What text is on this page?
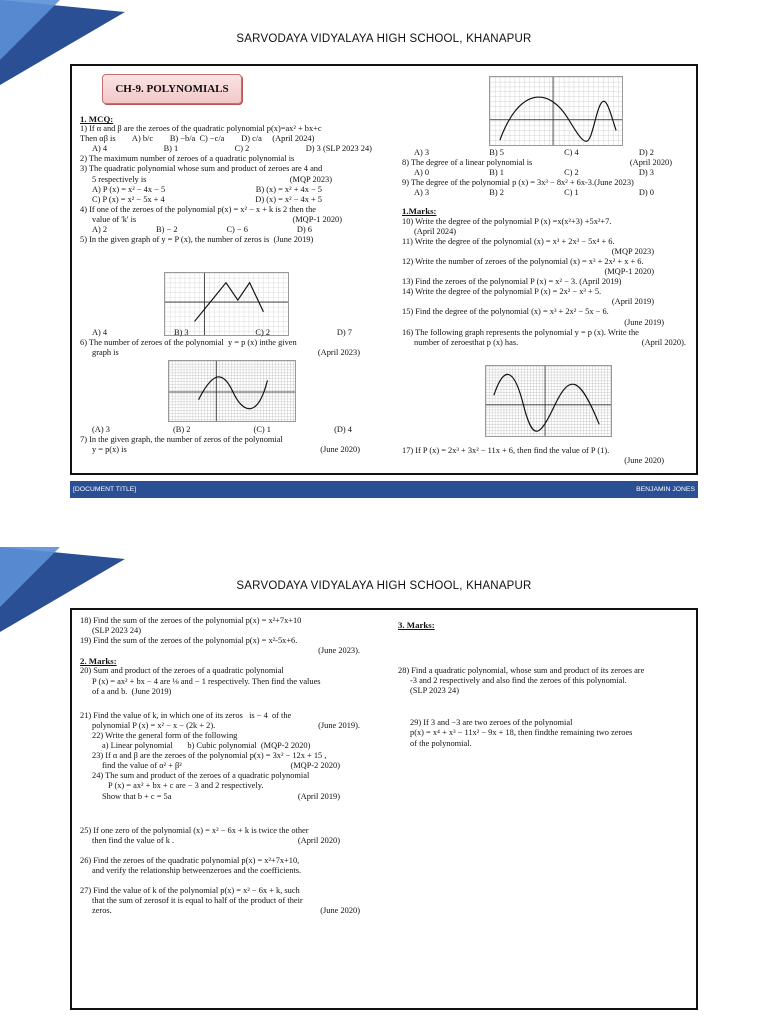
SARVODAYA VIDYALAYA HIGH SCHOOL, KHANAPUR
CH-9. POLYNOMIALS
1. MCQ:
1) If α and β are the zeroes of the quadratic polynomial p(x)=ax² + bx+c
Then αβ is        A) b/c        B) −b/a  C) −c/a        D) c/a     (April 2024)
A) 4	B) 1	C) 2	D) 3 (SLP 2023 24)
2) The maximum number of zeroes of a quadratic polynomial is
3) The quadratic polynomial whose sum and product of zeroes are 4 and
5 respectively is	(MQP 2023)
A) P (x) = x² − 4x − 5	B) (x) = x² + 4x − 5
C) P (x) = x² − 5x + 4	D) (x) = x² − 4x + 5
4) If one of the zeroes of the polynomial p(x) = x² − x + k is 2 then the
value of 'k' is	(MQP-1 2020)
A) 2	B) − 2	C) − 6	D) 6
5) In the given graph of y = P (x), the number of zeros is  (June 2019)
A) 4	B) 3	C) 2	D) 7
6) The number of zeroes of the polynomial  y = p (x) inthe given
graph is	(April 2023)
(A) 3	(B) 2	(C) 1	(D) 4
7) In the given graph, the number of zeros of the polynomial
y = p(x) is	(June 2020)
A) 3	B) 5	C) 4	D) 2
8) The degree of a linear polynomial is	(April 2020)
A) 0	B) 1	C) 2	D) 3
9) The degree of the polynomial p (x) = 3x³ − 8x² + 6x-3.(June 2023)
A) 3	B) 2	C) 1	D) 0
1.Marks:
10) Write the degree of the polynomial P (x) =x(x²+3) +5x²+7.
(April 2024)
11) Write the degree of the polynomial (x) = x³ + 2x³ − 5x⁴ + 6.
(MQP 2023)
12) Write the number of zeroes of the polynomial (x) = x³ + 2x² + x + 6.
(MQP-1 2020)
13) Find the zeroes of the polynomial P (x) = x² − 3. (April 2019)
14) Write the degree of the polynomial P (x) = 2x² − x³ + 5.
(April 2019)
15) Find the degree of the polynomial (x) = x³ + 2x² − 5x − 6.
(June 2019)
16) The following graph represents the polynomial y = p (x). Write the
number of zeroesthat p (x) has.	(April 2020).
17) If P (x) = 2x³ + 3x² − 11x + 6, then find the value of P (1).
(June 2020)
[DOCUMENT TITLE]	BENJAMIN JONES
SARVODAYA VIDYALAYA HIGH SCHOOL, KHANAPUR
18) Find the sum of the zeroes of the polynomial p(x) = x²+7x+10
(SLP 2023 24)
19) Find the sum of the zeroes of the polynomial p(x) = x²-5x+6.
(June 2023).
2. Marks:
20) Sum and product of the zeroes of a quadratic polynomial
P (x) = ax² + bx − 4 are ⅛ and − 1 respectively. Then find the values
of a and b.  (June 2019)
21) Find the value of k, in which one of its zeros   is − 4  of the
polynomial P (x) = x² − x − (2k + 2).	(June 2019).
22) Write the general form of the following
a) Linear polynomial       b) Cubic polynomial  (MQP-2 2020)
23) If α and β are the zeroes of the polynomial p(x) = 3x² − 12x + 15 ,
find the value of α² + β²	(MQP-2 2020)
24) The sum and product of the zeroes of a quadratic polynomial
P (x) = ax² + bx + c are − 3 and 2 respectively.
Show that b + c = 5a	(April 2019)
25) If one zero of the polynomial (x) = x² − 6x + k is twice the other
then find the value of k .	(April 2020)
26) Find the zeroes of the quadratic polynomial p(x) = x²+7x+10,
and verify the relationship betweenzeroes and the coefficients.
27) Find the value of k of the polynomial p(x) = x² − 6x + k, such
that the sum of zerosof it is equal to half of the product of their
zeros.	(June 2020)
3. Marks:
28) Find a quadratic polynomial, whose sum and product of its zeroes are
-3 and 2 respectively and also find the zeroes of this polynomial.
(SLP 2023 24)
29) If 3 and −3 are two zeroes of the polynomial
p(x) = x⁴ + x³ − 11x² − 9x + 18, then findthe remaining two zeroes
of the polynomial.
